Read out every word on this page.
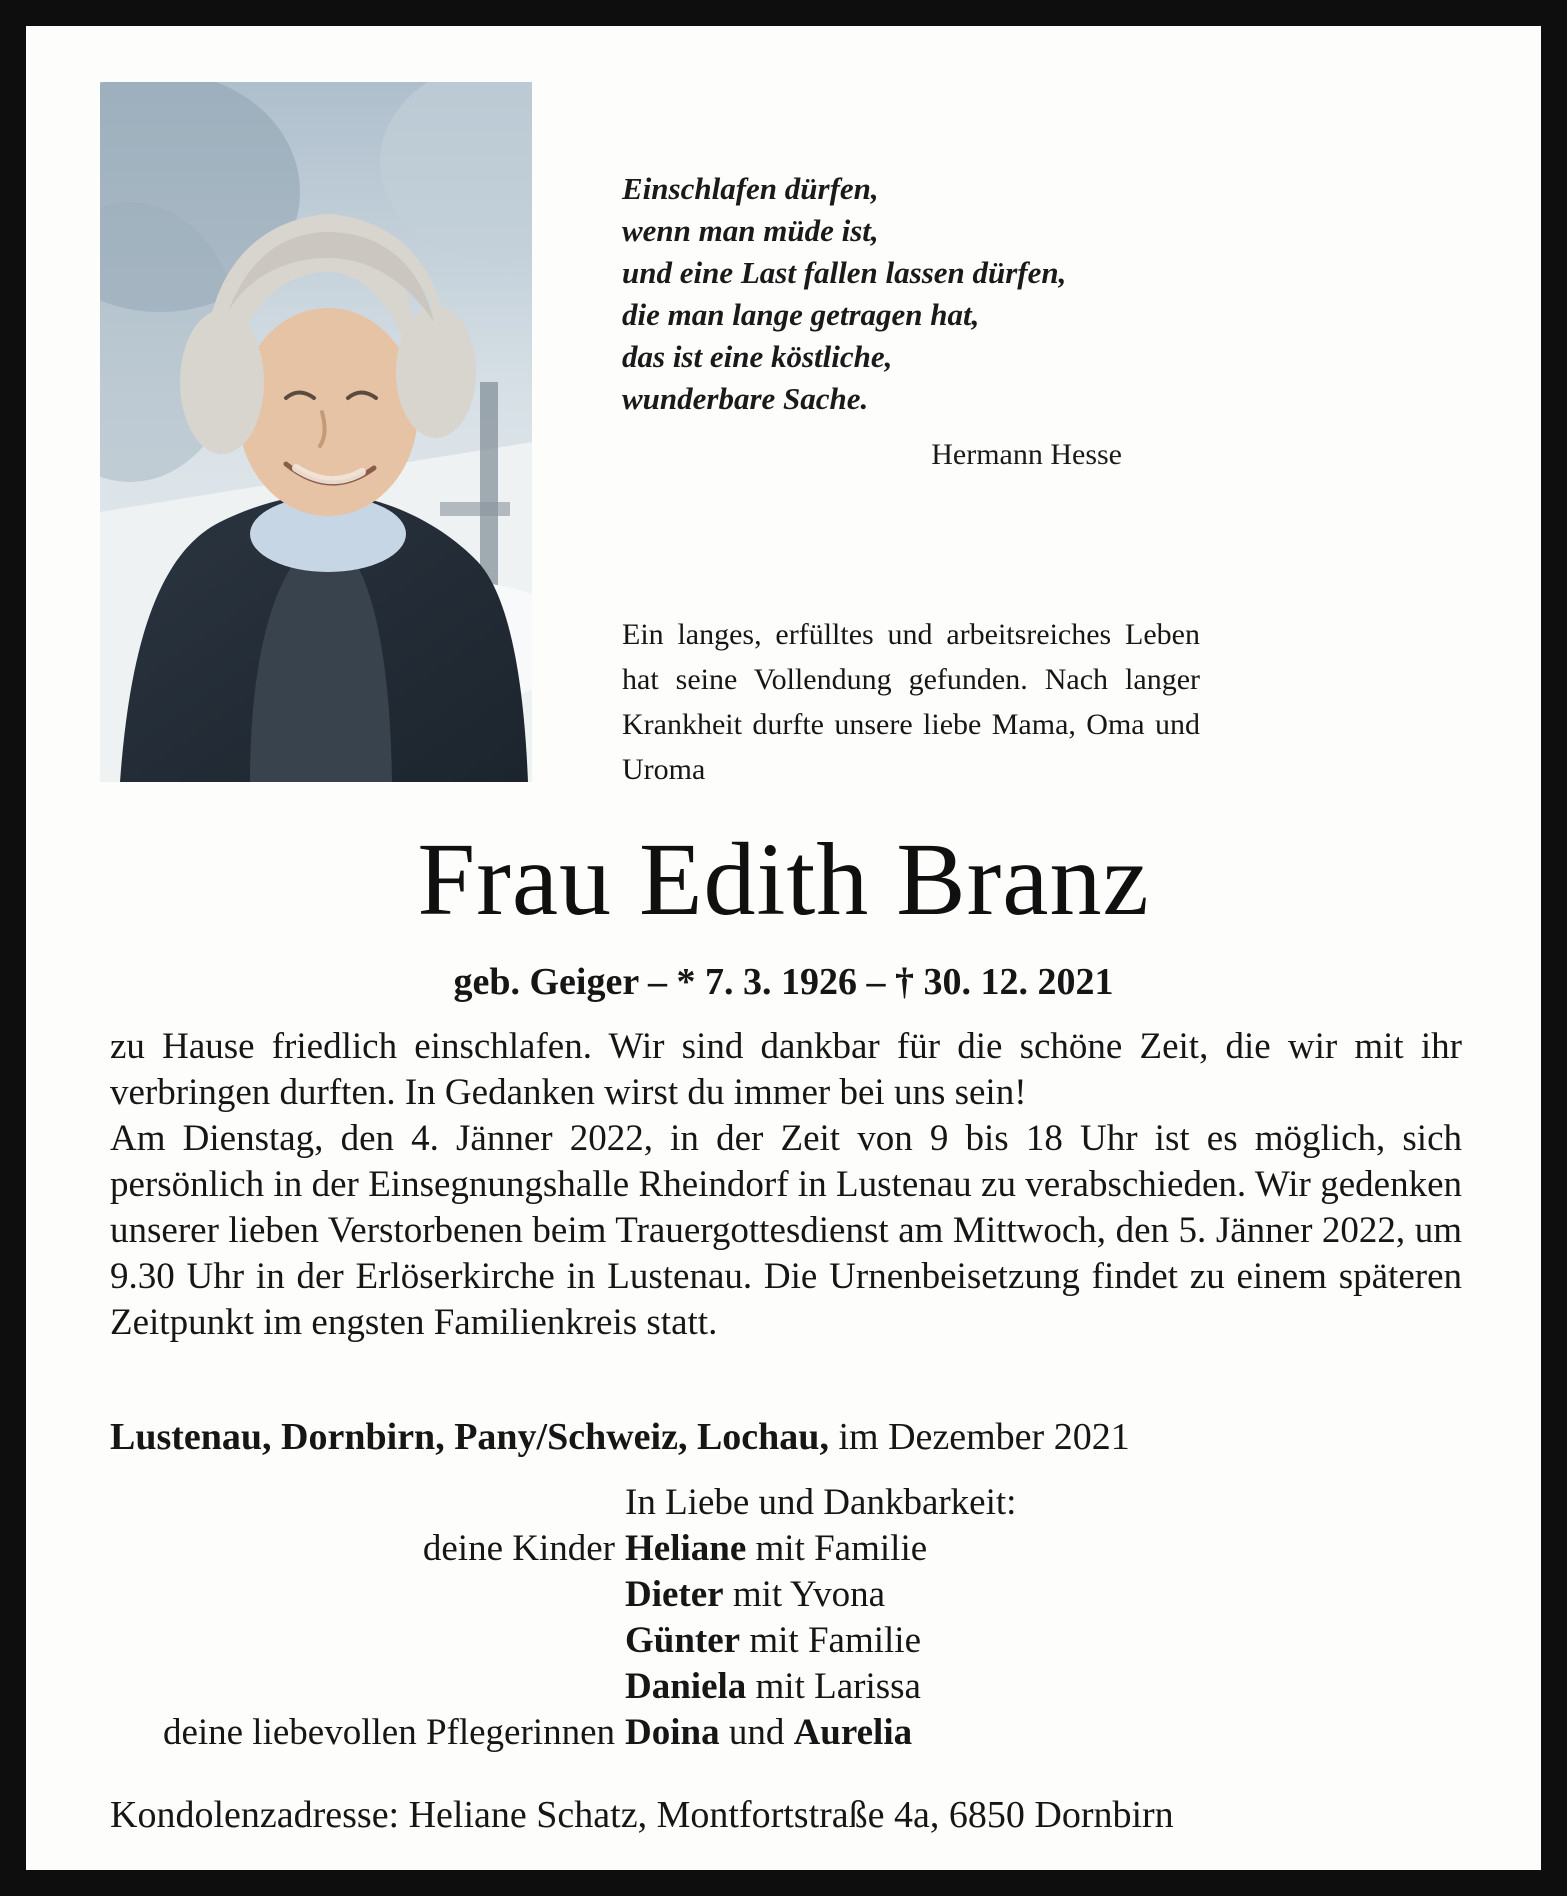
Einschlafen dürfen,
wenn man müde ist,
und eine Last fallen lassen dürfen,
die man lange getragen hat,
das ist eine köstliche,
wunderbare Sache.
Hermann Hesse
Ein langes, erfülltes und arbeitsreiches Leben hat seine Vollendung gefunden. Nach langer Krankheit durfte unsere liebe Mama, Oma und Uroma
Frau Edith Branz
geb. Geiger – * 7. 3. 1926 – † 30. 12. 2021

zu Hause friedlich einschlafen. Wir sind dankbar für die schöne Zeit, die wir mit ihr verbringen durften. In Gedanken wirst du immer bei uns sein!

Am Dienstag, den 4. Jänner 2022, in der Zeit von 9 bis 18 Uhr ist es möglich, sich persönlich in der Einsegnungshalle Rheindorf in Lustenau zu verabschieden. Wir gedenken unserer lieben Verstorbenen beim Trauergottesdienst am Mittwoch, den 5. Jänner 2022, um 9.30 Uhr in der Erlöserkirche in Lustenau. Die Urnenbeisetzung findet zu einem späteren Zeitpunkt im engsten Familienkreis statt.

Lustenau, Dornbirn, Pany/Schweiz, Lochau, im Dezember 2021
In Liebe und Dankbarkeit:
deine Kinder Heliane mit Familie
Dieter mit Yvona
Günter mit Familie
Daniela mit Larissa
deine liebevollen Pflegerinnen Doina und Aurelia
Kondolenzadresse: Heliane Schatz, Montfortstraße 4a, 6850 Dornbirn
